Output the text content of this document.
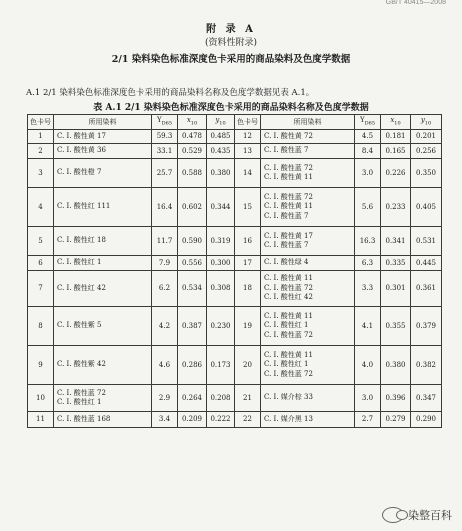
GB/T 40415—2008
附 录 A
(资料性附录)
2/1 染料染色标准深度色卡采用的商品染料及色度学数据
A.1 2/1 染料染色标准深度色卡采用的商品染料名称及色度学数据见表 A.1。
表 A.1 2/1 染料染色标准深度色卡采用的商品染料名称及色度学数据
色卡号	所用染料	$Y_{D65}$	$x_{10}$	$y_{10}$	色卡号	所用染料	$Y_{D65}$	$x_{10}$	$y_{10}$
1	C. I. 酸性黄 17	59.3	0.478	0.485	12	C. I. 酸性黄 72	4.5	0.181	0.201
2	C. I. 酸性黄 36	33.1	0.529	0.435	13	C. I. 酸性蓝 7	8.4	0.165	0.256
3	C. I. 酸性橙 7	25.7	0.588	0.380	14	C. I. 酸性蓝 72
C. I. 酸性黄 11	3.0	0.226	0.350
4	C. I. 酸性红 111	16.4	0.602	0.344	15	C. I. 酸性蓝 72
C. I. 酸性黄 11
C. I. 酸性蓝 7	5.6	0.233	0.405
5	C. I. 酸性红 18	11.7	0.590	0.319	16	C. I. 酸性黄 17
C. I. 酸性蓝 7	16.3	0.341	0.531
6	C. I. 酸性红 1	7.9	0.556	0.300	17	C. I. 酸性绿 4	6.3	0.335	0.445
7	C. I. 酸性红 42	6.2	0.534	0.308	18	C. I. 酸性黄 11
C. I. 酸性蓝 72
C. I. 酸性红 42	3.3	0.301	0.361
8	C. I. 酸性紫 5	4.2	0.387	0.230	19	C. I. 酸性黄 11
C. I. 酸性红 1
C. I. 酸性蓝 72	4.1	0.355	0.379
9	C. I. 酸性紫 42	4.6	0.286	0.173	20	C. I. 酸性黄 11
C. I. 酸性红 1
C. I. 酸性蓝 72	4.0	0.380	0.382
10	C. I. 酸性蓝 72
C. I. 酸性红 1	2.9	0.264	0.208	21	C. I. 媒介棕 33	3.0	0.396	0.347
11	C. I. 酸性蓝 168	3.4	0.209	0.222	22	C. I. 媒介黑 13	2.7	0.279	0.290
染整百科
